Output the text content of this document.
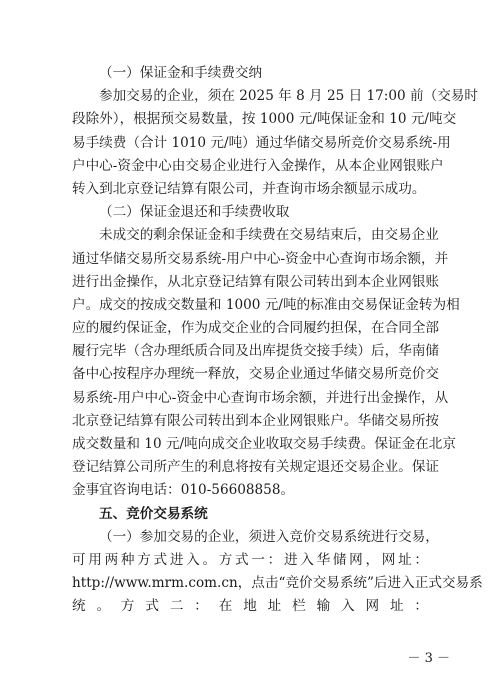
（一）保证金和手续费交纳
参加交易的企业，须在 2025 年 8 月 25 日 17:00 前（交易时
段除外），根据预交易数量，按 1000 元/吨保证金和 10 元/吨交
易手续费（合计 1010 元/吨）通过华储交易所竞价交易系统-用
户中心-资金中心由交易企业进行入金操作，从本企业网银账户
转入到北京登记结算有限公司，并查询市场余额显示成功。
（二）保证金退还和手续费收取
未成交的剩余保证金和手续费在交易结束后，由交易企业
通过华储交易所交易系统-用户中心-资金中心查询市场余额，并
进行出金操作，从北京登记结算有限公司转出到本企业网银账
户。成交的按成交数量和 1000 元/吨的标准由交易保证金转为相
应的履约保证金，作为成交企业的合同履约担保，在合同全部
履行完毕（含办理纸质合同及出库提货交接手续）后，华南储
备中心按程序办理统一释放，交易企业通过华储交易所竞价交
易系统-用户中心-资金中心查询市场余额，并进行出金操作，从
北京登记结算有限公司转出到本企业网银账户。华储交易所按
成交数量和 10 元/吨向成交企业收取交易手续费。保证金在北京
登记结算公司所产生的利息将按有关规定退还交易企业。保证
金事宜咨询电话：010-56608858。
五、竞价交易系统
（一）参加交易的企业，须进入竞价交易系统进行交易，
可用两种方式进入。方式一：进入华储网，网址：
http://www.mrm.com.cn，点击“竞价交易系统”后进入正式交易系
统。方式二：在地址栏输入网址：
－ 3 －
